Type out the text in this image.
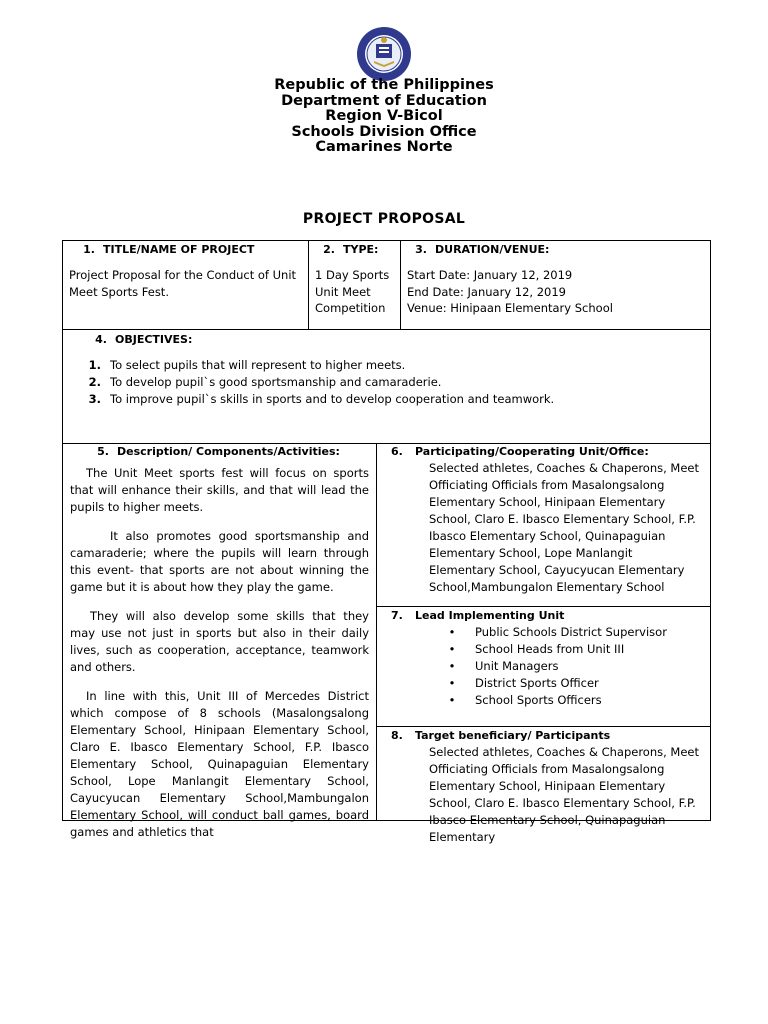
Republic of the Philippines
Department of Education
Region V-Bicol
Schools Division Office
Camarines Norte
PROJECT PROPOSAL
1. TITLE/NAME OF PROJECT
Project Proposal for the Conduct of Unit
Meet Sports Fest.
2. TYPE:
1 Day Sports
Unit Meet
Competition
3. DURATION/VENUE:
Start Date: January 12, 2019
End Date: January 12, 2019
Venue: Hinipaan Elementary School
4. OBJECTIVES:
1. To select pupils that will represent to higher meets.
2. To develop pupil`s good sportsmanship and camaraderie.
3. To improve pupil`s skills in sports and to develop cooperation and teamwork.
5. Description/ Components/Activities:

The Unit Meet sports fest will focus on sports that will enhance their skills, and that will lead the pupils to higher meets.

It also promotes good sportsmanship and camaraderie; where the pupils will learn through this event- that sports are not about winning the game but it is about how they play the game.

They will also develop some skills that they may use not just in sports but also in their daily lives, such as cooperation, acceptance, teamwork and others.

In line with this, Unit III of Mercedes District which compose of 8 schools (Masalongsalong Elementary School, Hinipaan Elementary School, Claro E. Ibasco Elementary School, F.P. Ibasco Elementary School, Quinapaguian Elementary School, Lope Manlangit Elementary School, Cayucyucan Elementary School,Mambungalon Elementary School, will conduct ball games, board games and athletics that

6. Participating/Cooperating Unit/Office:
Selected athletes, Coaches & Chaperons, Meet Officiating Officials from Masalongsalong Elementary School, Hinipaan Elementary School, Claro E. Ibasco Elementary School, F.P. Ibasco Elementary School, Quinapaguian Elementary School, Lope Manlangit Elementary School, Cayucyucan Elementary School,Mambungalon Elementary School
7. Lead Implementing Unit
• Public Schools District Supervisor
• School Heads from Unit III
• Unit Managers
• District Sports Officer
• School Sports Officers
8. Target beneficiary/ Participants
Selected athletes, Coaches & Chaperons, Meet Officiating Officials from Masalongsalong Elementary School, Hinipaan Elementary School, Claro E. Ibasco Elementary School, F.P. Ibasco Elementary School, Quinapaguian Elementary
